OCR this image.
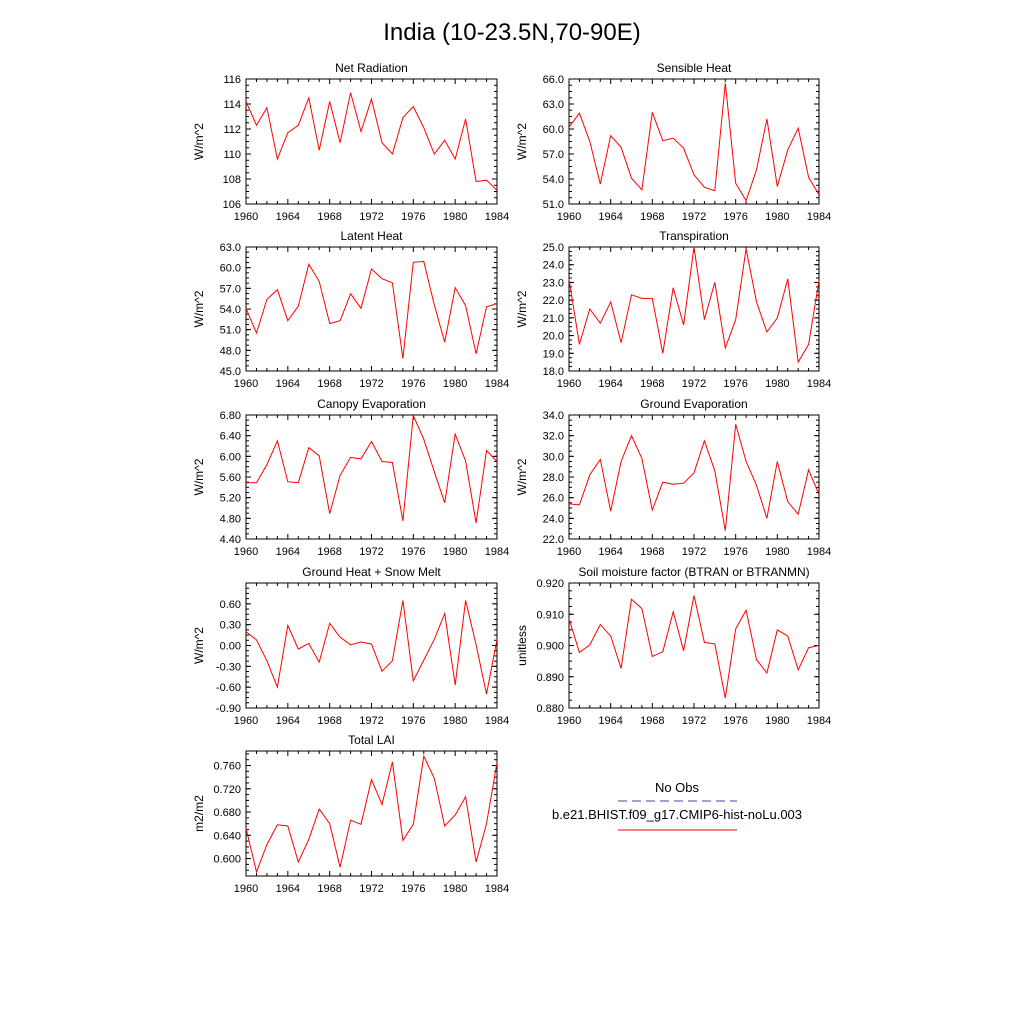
India (10-23.5N,70-90E)
Net Radiation
W/m^2
1960 1964 1968 1972 1976 1980 1984
106
108
110
112
114
116
Sensible Heat
W/m^2
1960 1964 1968 1972 1976 1980 1984
51.0
54.0
57.0
60.0
63.0
66.0
Latent Heat
W/m^2
1960 1964 1968 1972 1976 1980 1984
45.0
48.0
51.0
54.0
57.0
60.0
63.0
Transpiration
W/m^2
1960 1964 1968 1972 1976 1980 1984
18.0
19.0
20.0
21.0
22.0
23.0
24.0
25.0
Canopy Evaporation
W/m^2
1960 1964 1968 1972 1976 1980 1984
4.40
4.80
5.20
5.60
6.00
6.40
6.80
Ground Evaporation
W/m^2
1960 1964 1968 1972 1976 1980 1984
22.0
24.0
26.0
28.0
30.0
32.0
34.0
Ground Heat + Snow Melt
W/m^2
1960 1964 1968 1972 1976 1980 1984
-0.90
-0.60
-0.30
0.00
0.30
0.60
Soil moisture factor (BTRAN or BTRANMN)
unitless
1960 1964 1968 1972 1976 1980 1984
0.880
0.890
0.900
0.910
0.920
Total LAI
m2/m2
1960 1964 1968 1972 1976 1980 1984
0.600
0.640
0.680
0.720
0.760
No Obs
b.e21.BHIST.f09_g17.CMIP6-hist-noLu.003
